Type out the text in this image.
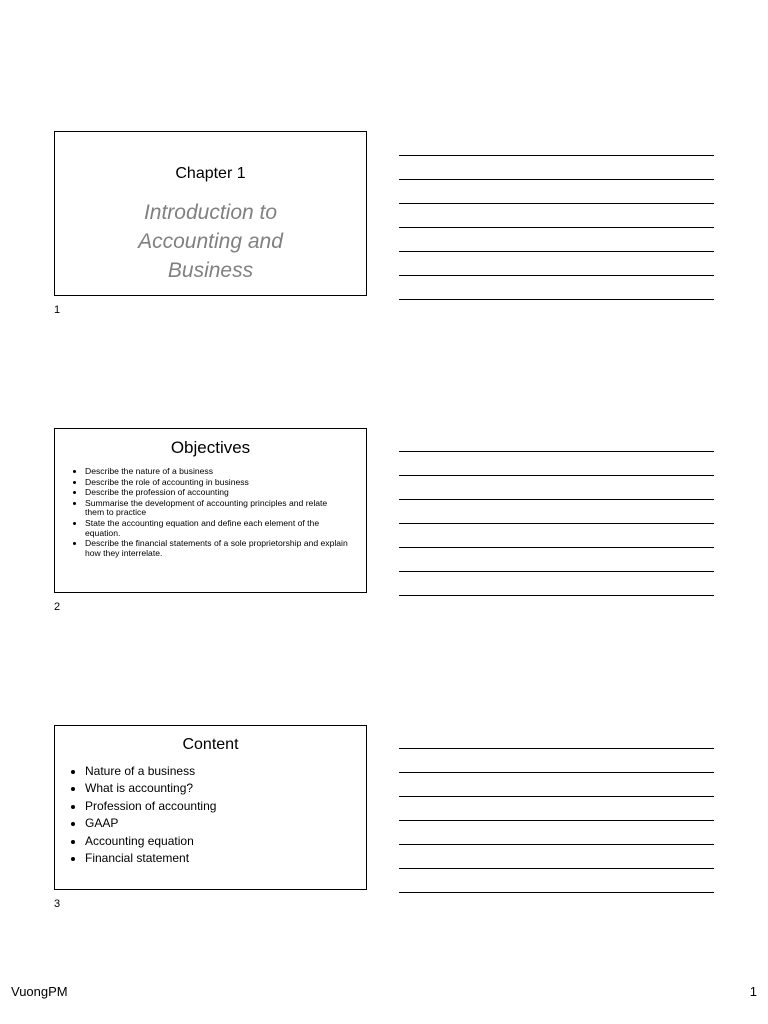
Chapter 1
Introduction to
Accounting and
Business
1
Objectives
• Describe the nature of a business
• Describe the role of accounting in business
• Describe the profession of accounting
• Summarise the development of accounting principles and relate them to practice
• State the accounting equation and define each element of the equation.
• Describe the financial statements of a sole proprietorship and explain how they interrelate.
2
Content
• Nature of a business
• What is accounting?
• Profession of accounting
• GAAP
• Accounting equation
• Financial statement
3
VuongPM	1
